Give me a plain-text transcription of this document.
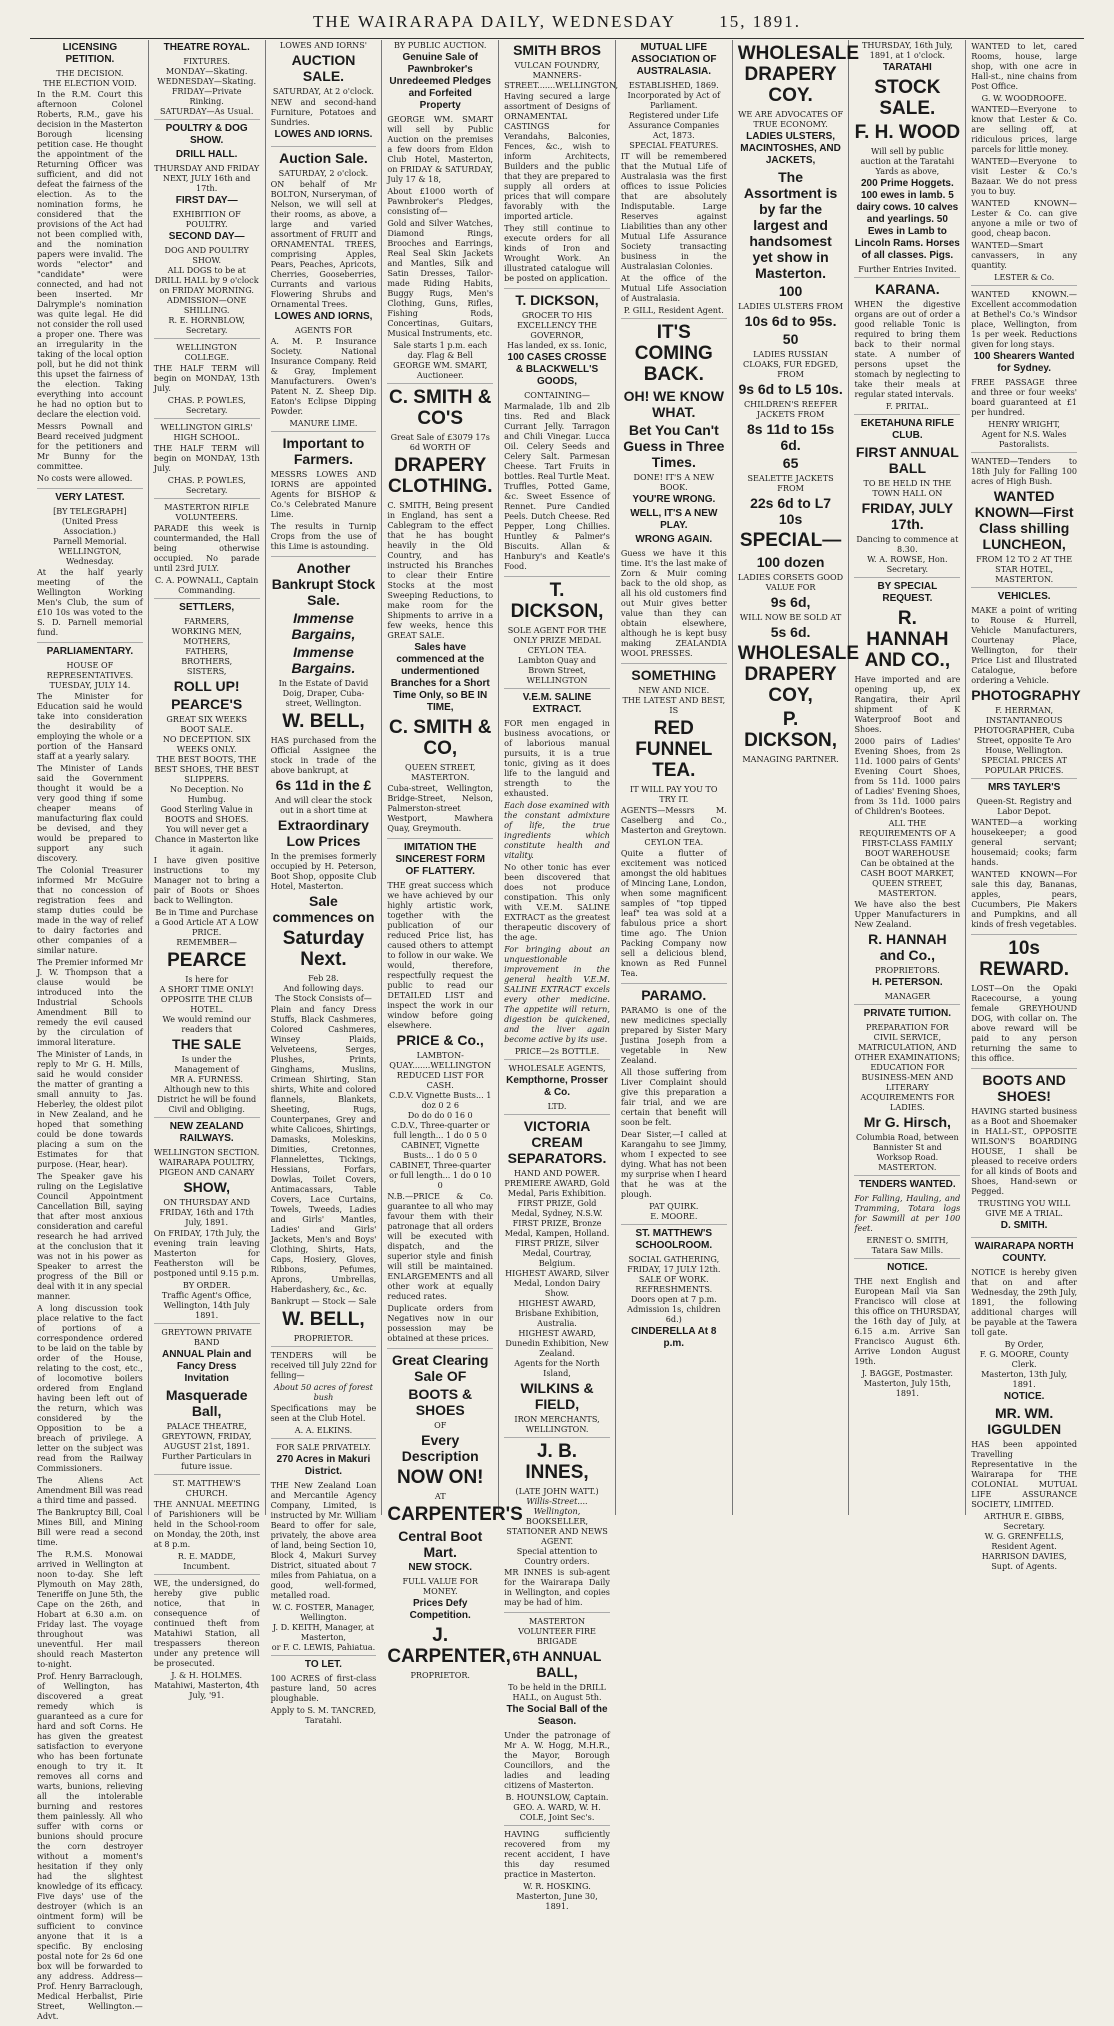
THE WAIRARAPA DAILY, WEDNESDAY	15, 1891.
LICENSING PETITION.
THE DECISION.
THE ELECTION VOID.

In the R.M. Court this afternoon Colonel Roberts, R.M., gave his decision in the Masterton Borough licensing petition case. He thought the appointment of the Returning Officer was sufficient, and did not defeat the fairness of the election. As to the nomination forms, he considered that the provisions of the Act had not been complied with, and the nomination papers were invalid. The words "elector" and "candidate" were connected, and had not been inserted. Mr Dalrymple's nomination was quite legal. He did not consider the roll used a proper one. There was an irregularity in the taking of the local option poll, but he did not think this upset the fairness of the election. Taking everything into account he had no option but to declare the election void.

Messrs Pownall and Beard received judgment for the petitioners and Mr Bunny for the committee.

No costs were allowed.

VERY LATEST.
[BY TELEGRAPH]
(United Press Association.)
Parnell Memorial.
WELLINGTON, Wednesday.

At the half yearly meeting of the Wellington Working Men's Club, the sum of £10 10s was voted to the S. D. Parnell memorial fund.

PARLIAMENTARY.
HOUSE OF REPRESENTATIVES.
TUESDAY, JULY 14.

The Minister for Education said he would take into consideration the desirability of employing the whole or a portion of the Hansard staff at a yearly salary.

The Minister of Lands said the Government thought it would be a very good thing if some cheaper means of manufacturing flax could be devised, and they would be prepared to support any such discovery.

The Colonial Treasurer informed Mr McGuire that no concession of registration fees and stamp duties could be made in the way of relief to dairy factories and other companies of a similar nature.

The Premier informed Mr J. W. Thompson that a clause would be introduced into the Industrial Schools Amendment Bill to remedy the evil caused by the circulation of immoral literature.

The Minister of Lands, in reply to Mr G. H. Mills, said he would consider the matter of granting a small annuity to Jas. Heberley, the oldest pilot in New Zealand, and he hoped that something could be done towards placing a sum on the Estimates for that purpose. (Hear, hear).

The Speaker gave his ruling on the Legislative Council Appointment Cancellation Bill, saying that after most anxious consideration and careful research he had arrived at the conclusion that it was not in his power as Speaker to arrest the progress of the Bill or deal with it in any special manner.

A long discussion took place relative to the fact of portions of a correspondence ordered to be laid on the table by order of the House, relating to the cost, etc., of locomotive boilers ordered from England having been left out of the return, which was considered by the Opposition to be a breach of privilege. A letter on the subject was read from the Railway Commissioners.

The Aliens Act Amendment Bill was read a third time and passed.

The Bankruptcy Bill, Coal Mines Bill, and Mining Bill were read a second time.

The R.M.S. Monowai arrived in Wellington at noon to-day. She left Plymouth on May 28th, Teneriffe on June 5th, the Cape on the 26th, and Hobart at 6.30 a.m. on Friday last. The voyage throughout was uneventful. Her mail should reach Masterton to-night.

Prof. Henry Barraclough, of Wellington, has discovered a great remedy which is guaranteed as a cure for hard and soft Corns. He has given the greatest satisfaction to everyone who has been fortunate enough to try it. It removes all corns and warts, bunions, relieving all the intolerable burning and restores them painlessly. All who suffer with corns or bunions should procure the corn destroyer without a moment's hesitation if they only had the slightest knowledge of its efficacy. Five days' use of the destroyer (which is an ointment form) will be sufficient to convince anyone that it is a specific. By enclosing postal note for 2s 6d one box will be forwarded to any address. Address—Prof. Henry Barraclough, Medical Herbalist, Pirie Street, Wellington.—Advt.

THEATRE ROYAL.
FIXTURES.
MONDAY—Skating.
WEDNESDAY—Skating.
FRIDAY—Private Rinking.
SATURDAY—As Usual.
POULTRY & DOG SHOW.
DRILL HALL.
THURSDAY AND FRIDAY NEXT, JULY 16th and 17th.
FIRST DAY—
EXHIBITION OF POULTRY.
SECOND DAY—
DOG AND POULTRY SHOW.
ALL DOGS to be at DRILL HALL by 9 o'clock on FRIDAY MORNING.
ADMISSION—ONE SHILLING.
R. E. HORNBLOW, Secretary.
WELLINGTON COLLEGE.

THE HALF TERM will begin on MONDAY, 13th July.

CHAS. P. POWLES, Secretary.
WELLINGTON GIRLS' HIGH SCHOOL.

THE HALF TERM will begin on MONDAY, 13th July.

CHAS. P. POWLES, Secretary.
MASTERTON RIFLE VOLUNTEERS.

PARADE this week is countermanded, the Hall being otherwise occupied. No parade until 23rd JULY.

C. A. POWNALL, Captain Commanding.
SETTLERS,
FARMERS,
WORKING MEN,
MOTHERS,
FATHERS,
BROTHERS,
SISTERS,
ROLL UP!
PEARCE'S
GREAT SIX WEEKS BOOT SALE.
NO DECEPTION. SIX WEEKS ONLY.
THE BEST BOOTS, THE BEST SHOES, THE BEST SLIPPERS.
No Deception. No Humbug.
Good Sterling Value in BOOTS and SHOES.
You will never get a Chance in Masterton like it again.

I have given positive instructions to my Manager not to bring a pair of Boots or Shoes back to Wellington.

Be in Time and Purchase a Good Article AT A LOW PRICE.
REMEMBER—
PEARCE
Is here for
A SHORT TIME ONLY!
OPPOSITE THE CLUB HOTEL.
We would remind our readers that
THE SALE
Is under the Management of
MR A. FURNESS.
Although new to this District he will be found Civil and Obliging.
NEW ZEALAND RAILWAYS.
WELLINGTON SECTION.
WAIRARAPA POULTRY, PIGEON AND CANARY
SHOW,
ON THURSDAY AND FRIDAY, 16th and 17th July, 1891.

On FRIDAY, 17th July, the evening train leaving Masterton for Featherston will be postponed until 9.15 p.m.

BY ORDER.
Traffic Agent's Office, Wellington, 14th July 1891.
GREYTOWN PRIVATE BAND
ANNUAL Plain and Fancy Dress Invitation
Masquerade Ball,
PALACE THEATRE, GREYTOWN, FRIDAY, AUGUST 21st, 1891.
Further Particulars in future issue.
ST. MATTHEW'S CHURCH.

THE ANNUAL MEETING of Parishioners will be held in the School-room on Monday, the 20th, inst at 8 p.m.

R. E. MADDE, Incumbent.

WE, the undersigned, do hereby give public notice, that in consequence of continued theft from Matahiwi Station, all trespassers thereon under any pretence will be prosecuted.

J. & H. HOLMES.
Matahiwi, Masterton, 4th July, '91.
LOWES AND IORNS'
AUCTION SALE.
SATURDAY, At 2 o'clock.

NEW and second-hand Furniture, Potatoes and Sundries.

LOWES AND IORNS.
Auction Sale.
SATURDAY, 2 o'clock.

ON behalf of Mr BOLTON, Nurseryman, of Nelson, we will sell at their rooms, as above, a large and varied assortment of FRUIT and ORNAMENTAL TREES, comprising Apples, Pears, Peaches, Apricots, Cherries, Gooseberries, Currants and various Flowering Shrubs and Ornamental Trees.

LOWES AND IORNS,
AGENTS FOR

A. M. P. Insurance Society. National Insurance Company. Reid & Gray, Implement Manufacturers. Owen's Patent N. Z. Sheep Dip. Eaton's Eclipse Dipping Powder.

MANURE LIME.
Important to Farmers.

MESSRS LOWES AND IORNS are appointed Agents for BISHOP & Co.'s Celebrated Manure Lime.

The results in Turnip Crops from the use of this Lime is astounding.

Another Bankrupt Stock Sale.
Immense Bargains,
Immense Bargains.
In the Estate of David Doig, Draper, Cuba-street, Wellington.
W. BELL,

HAS purchased from the Official Assignee the stock in trade of the above bankrupt, at

6s 11d in the £
And will clear the stock out in a short time at
Extraordinary Low Prices

In the premises formerly occupied by H. Peterson, Boot Shop, opposite Club Hotel, Masterton.

Sale commences on
Saturday Next.
Feb 28.
And following days.
The Stock Consists of—

Plain and fancy Dress Stuffs, Black Cashmeres, Colored Cashmeres, Winsey Plaids, Velveteens, Serges, Plushes, Prints, Ginghams, Muslins, Crimean Shirting, Stan shirts, White and colored flannels, Blankets, Sheeting, Rugs, Counterpanes, Grey and white Calicoes, Shirtings, Damasks, Moleskins, Dimities, Cretonnes, Flannelettes, Tickings, Hessians, Forfars, Dowlas, Toilet Covers, Antimacassars, Table Covers, Lace Curtains, Towels, Tweeds, Ladies and Girls' Mantles, Ladies' and Girls' Jackets, Men's and Boys' Clothing, Shirts, Hats, Caps, Hosiery, Gloves, Ribbons, Pefumes, Aprons, Umbrellas, Haberdashery, &c., &c.

Bankrupt — Stock — Sale
W. BELL,
PROPRIETOR.

TENDERS will be received till July 22nd for felling—

About 50 acres of forest bush

Specifications may be seen at the Club Hotel.

A. A. ELKINS.
FOR SALE PRIVATELY.
270 Acres in Makuri District.

THE New Zealand Loan and Mercantile Agency Company, Limited, is instructed by Mr. William Beard to offer for sale, privately, the above area of land, being Section 10, Block 4, Makuri Survey District, situated about 7 miles from Pahiatua, on a good, well-formed, metalled road.

W. C. FOSTER, Manager, Wellington.
J. D. KEITH, Manager, at Masterton,
or F. C. LEWIS, Pahiatua.
TO LET.

100 ACRES of first-class pasture land, 50 acres ploughable.

Apply to S. M. TANCRED, Taratahi.
BY PUBLIC AUCTION.
Genuine Sale of Pawnbroker's Unredeemed Pledges and Forfeited Property

GEORGE WM. SMART will sell by Public Auction on the premises a few doors from Eldon Club Hotel, Masterton, on FRIDAY & SATURDAY, July 17 & 18,

About £1000 worth of Pawnbroker's Pledges, consisting of—

Gold and Silver Watches, Diamond Rings, Brooches and Earrings, Real Seal Skin Jackets and Mantles, Silk and Satin Dresses, Tailor-made Riding Habits, Buggy Rugs, Men's Clothing, Guns, Rifles, Fishing Rods, Concertinas, Guitars, Musical Instruments, etc.

Sale starts 1 p.m. each day. Flag & Bell
GEORGE WM. SMART, Auctioneer.
C. SMITH & CO'S
Great Sale of £3079 17s 6d WORTH OF
DRAPERY CLOTHING.

C. SMITH, Being present in England, has sent a Cablegram to the effect that he has bought heavily in the Old Country, and has instructed his Branches to clear their Entire Stocks at the most Sweeping Reductions, to make room for the Shipments to arrive in a few weeks, hence this GREAT SALE.

Sales have commenced at the undermentioned Branches for a Short Time Only, so BE IN TIME,
C. SMITH & CO,
QUEEN STREET,
MASTERTON.

Cuba-street, Wellington, Bridge-Street, Nelson, Palmerston-street Westport, Mawhera Quay, Greymouth.

IMITATION THE SINCEREST FORM OF FLATTERY.

THE great success which we have achieved by our highly artistic work, together with the publication of our reduced Price list, has caused others to attempt to follow in our wake. We would, therefore, respectfully request the public to read our DETAILED LIST and inspect the work in our window before going elsewhere.

PRICE & Co.,
LAMBTON-QUAY.......WELLINGTON
REDUCED LIST FOR CASH.
C.D.V. Vignette Busts... 1 doz 0 2 6
Do do do 0 16 0
C.D.V., Three-quarter or full length... 1 do 0 5 0
CABINET, Vignette Busts... 1 do 0 5 0
CABINET, Three-quarter or full length... 1 do 0 10 0

N.B.—PRICE & Co. guarantee to all who may favour them with their patronage that all orders will be executed with dispatch, and the superior style and finish will still be maintained. ENLARGEMENTS and all other work at equally reduced rates.

Duplicate orders from Negatives now in our possession may be obtained at these prices.

Great Clearing Sale OF
BOOTS & SHOES
OF
Every Description
NOW ON!
AT
CARPENTER'S
Central Boot Mart.
NEW STOCK.
FULL VALUE FOR MONEY.
Prices Defy Competition.
J. CARPENTER,
PROPRIETOR.
SMITH BROS
VULCAN FOUNDRY,
MANNERS-STREET.......WELLINGTON,

Having secured a large assortment of Designs of ORNAMENTAL CASTINGS for Verandahs, Balconies, Fences, &c., wish to inform Architects, Builders and the public that they are prepared to supply all orders at prices that will compare favorably with the imported article.

They still continue to execute orders for all kinds of Iron and Wrought Work. An illustrated catalogue will be posted on application.

T. DICKSON,
GROCER TO HIS EXCELLENCY THE GOVERNOR,
Has landed, ex ss. Ionic,
100 CASES CROSSE & BLACKWELL'S GOODS,
CONTAINING—

Marmalade, 1lb and 2lb tins. Red and Black Currant Jelly. Tarragon and Chili Vinegar. Lucca Oil. Celery Seeds and Celery Salt. Parmesan Cheese. Tart Fruits in bottles. Real Turtle Meat. Truffles, Potted Game, &c. Sweet Essence of Rennet. Pure Candied Peels. Dutch Cheese. Red Pepper, Long Chillies. Huntley & Palmer's Biscuits. Allan & Hanbury's and Keatle's Food.

T. DICKSON,
SOLE AGENT FOR THE ONLY PRIZE MEDAL CEYLON TEA.
Lambton Quay and Brown Street, WELLINGTON
V.E.M. SALINE EXTRACT.

FOR men engaged in business avocations, or of laborious manual pursuits, it is a true tonic, giving as it does life to the languid and strength to the exhausted.

Each dose examined with the constant admixture of life, the true ingredients which constitute health and vitality.

No other tonic has ever been discovered that does not produce constipation. This only with V.E.M. SALINE EXTRACT as the greatest therapeutic discovery of the age.

For bringing about an unquestionable improvement in the general health V.E.M. SALINE EXTRACT excels every other medicine. The appetite will return, digestion be quickened, and the liver again become active by its use.

PRICE—2s BOTTLE.
WHOLESALE AGENTS,
Kempthorne, Prosser & Co.
LTD.
VICTORIA CREAM SEPARATORS.
HAND AND POWER.
PREMIERE AWARD, Gold Medal, Paris Exhibition.
FIRST PRIZE, Gold Medal, Sydney, N.S.W.
FIRST PRIZE, Bronze Medal, Kampen, Holland.
FIRST PRIZE, Silver Medal, Courtray, Belgium.
HIGHEST AWARD, Silver Medal, London Dairy Show.
HIGHEST AWARD, Brisbane Exhibition, Australia.
HIGHEST AWARD, Dunedin Exhibition, New Zealand.
Agents for the North Island,
WILKINS & FIELD,
IRON MERCHANTS,
WELLINGTON.
J. B. INNES,
(LATE JOHN WATT.)
Willis-Street.... Wellington,
BOOKSELLER, STATIONER AND NEWS AGENT.
Special attention to Country orders.

MR INNES is sub-agent for the Wairarapa Daily in Wellington, and copies may be had of him.

MASTERTON VOLUNTEER FIRE BRIGADE
6TH ANNUAL BALL,
To be held in the DRILL HALL, on August 5th.
The Social Ball of the Season.

Under the patronage of Mr A. W. Hogg, M.H.R., the Mayor, Borough Councillors, and the ladies and leading citizens of Masterton.

B. HOUNSLOW, Captain.
GEO. A. WARD, W. H. COLE, Joint Sec's.

HAVING sufficiently recovered from my recent accident, I have this day resumed practice in Masterton.

W. R. HOSKING.
Masterton, June 30, 1891.
MUTUAL LIFE ASSOCIATION OF AUSTRALASIA.
ESTABLISHED, 1869.
Incorporated by Act of Parliament.
Registered under Life Assurance Companies Act, 1873.
SPECIAL FEATURES.

IT will be remembered that the Mutual Life of Australasia was the first offices to issue Policies that are absolutely Indisputable. Large Reserves against Liabilities than any other Mutual Life Assurance Society transacting business in the Australasian Colonies.

At the office of the Mutual Life Association of Australasia.

P. GILL, Resident Agent.
IT'S COMING BACK.
OH! WE KNOW WHAT.
Bet You Can't Guess in Three Times.
DONE! IT'S A NEW BOOK.
YOU'RE WRONG.
WELL, IT'S A NEW PLAY.
WRONG AGAIN.

Guess we have it this time. It's the last make of Zorn & Muir coming back to the old shop, as all his old customers find out Muir gives better value than they can obtain elsewhere, although he is kept busy making ZEALANDIA WOOL PRESSES.

SOMETHING
NEW AND NICE.
THE LATEST AND BEST,
IS
RED FUNNEL TEA.
IT WILL PAY YOU TO TRY IT.

AGENTS—Messrs M. Caselberg and Co., Masterton and Greytown.

CEYLON TEA.

Quite a flutter of excitement was noticed amongst the old habitues of Mincing Lane, London, when some magnificent samples of "top tipped leaf" tea was sold at a fabulous price a short time ago. The Union Packing Company now sell a delicious blend, known as Red Funnel Tea.

PARAMO.

PARAMO is one of the new medicines specially prepared by Sister Mary Justina Joseph from a vegetable in New Zealand.

All those suffering from Liver Complaint should give this preparation a fair trial, and we are certain that benefit will soon be felt.

Dear Sister,—I called at Karangahu to see Jimmy, whom I expected to see dying. What has not been my surprise when I heard that he was at the plough.

PAT QUIRK.
E. MOORE.
ST. MATTHEW'S SCHOOLROOM.
SOCIAL GATHERING, FRIDAY, 17 JULY 12th.
SALE OF WORK. REFRESHMENTS.
Doors open at 7 p.m. Admission 1s, children 6d.)
CINDERELLA At 8 p.m.
WHOLESALE DRAPERY COY.
WE ARE ADVOCATES OF TRUE ECONOMY.
LADIES ULSTERS, MACINTOSHES, AND JACKETS,
The Assortment is by far the largest and handsomest yet show in Masterton.
100
LADIES ULSTERS FROM
10s 6d to 95s.
50
LADIES RUSSIAN CLOAKS, FUR EDGED, FROM
9s 6d to L5 10s.
CHILDREN'S REEFER JACKETS FROM
8s 11d to 15s 6d.
65
SEALETTE JACKETS FROM
22s 6d to L7 10s
SPECIAL—
100 dozen
LADIES CORSETS GOOD VALUE FOR
9s 6d,
WILL NOW BE SOLD AT
5s 6d.
WHOLESALE DRAPERY COY,
P. DICKSON,
MANAGING PARTNER.
THURSDAY, 16th July, 1891, at 1 o'clock.
TARATAHI
STOCK SALE.
F. H. WOOD
Will sell by public auction at the Taratahi Yards as above,
200 Prime Hoggets. 100 ewes in lamb. 5 dairy cows. 10 calves and yearlings. 50 Ewes in Lamb to Lincoln Rams. Horses of all classes. Pigs.
Further Entries Invited.
KARANA.

WHEN the digestive organs are out of order a good reliable Tonic is required to bring them back to their normal state. A number of persons upset the stomach by neglecting to take their meals at regular stated intervals.

F. PRITAL.
EKETAHUNA RIFLE CLUB.
FIRST ANNUAL BALL
TO BE HELD IN THE TOWN HALL ON
FRIDAY, JULY 17th.
Dancing to commence at 8.30.
W. A. ROWSE, Hon. Secretary.
BY SPECIAL REQUEST.
R. HANNAH AND CO.,

Have imported and are opening up, ex Rangatira, their April shipment of K Waterproof Boot and Shoes.

2000 pairs of Ladies' Evening Shoes, from 2s 11d. 1000 pairs of Gents' Evening Court Shoes, from 5s 11d. 1000 pairs of Ladies' Evening Shoes, from 3s 11d. 1000 pairs of Children's Bootees.

ALL THE REQUIREMENTS OF A FIRST-CLASS FAMILY BOOT WAREHOUSE
Can be obtained at the CASH BOOT MARKET, QUEEN STREET, MASTERTON.

We have also the best Upper Manufacturers in New Zealand.

R. HANNAH and Co.,
PROPRIETORS.
H. PETERSON.
MANAGER
PRIVATE TUITION.
PREPARATION FOR CIVIL SERVICE, MATRICULATION, AND OTHER EXAMINATIONS;
EDUCATION FOR BUSINESS-MEN AND LITERARY ACQUIREMENTS FOR LADIES.
Mr G. Hirsch,
Columbia Road, between Bannister St and Worksop Road.
MASTERTON.
TENDERS WANTED.

For Falling, Hauling, and Tramming, Totara logs for Sawmill at per 100 feet.

ERNEST O. SMITH, Tatara Saw Mills.
NOTICE.

THE next English and European Mail via San Francisco will close at this office on THURSDAY, the 16th day of July, at 6.15 a.m. Arrive San Francisco August 6th. Arrive London August 19th.

J. BAGGE, Postmaster.
Masterton, July 15th, 1891.

WANTED to let, cared Rooms, house, large shop, with one acre in Hall-st., nine chains from Post Office.

G. W. WOODROOFE.

WANTED—Everyone to know that Lester & Co. are selling off, at ridiculous prices, large parcels for little money.

WANTED—Everyone to visit Lester & Co.'s Bazaar. We do not press you to buy.

WANTED KNOWN—Lester & Co. can give anyone a mile or two of good, cheap bacon.

WANTED—Smart canvassers, in any quantity.

LESTER & Co.

WANTED KNOWN.—Excellent accommodation at Bethel's Co.'s Windsor place, Wellington, from 1s per week. Reductions given for long stays.

100 Shearers Wanted for Sydney.

FREE PASSAGE three and three or four weeks' board guaranteed at £1 per hundred.

HENRY WRIGHT,
Agent for N.S. Wales Pastoralists.

WANTED—Tenders to 18th July for Falling 100 acres of High Bush.

WANTED KNOWN—First Class shilling LUNCHEON,
FROM 12 TO 2 AT THE STAR HOTEL, MASTERTON.
VEHICLES.

MAKE a point of writing to Rouse & Hurrell, Vehicle Manufacturers, Courtenay Place, Wellington, for their Price List and Illustrated Catalogue, before ordering a Vehicle.

PHOTOGRAPHY
F. HERRMAN, INSTANTANEOUS PHOTOGRAPHER, Cuba Street, opposite Te Aro House, Wellington.
SPECIAL PRICES AT POPULAR PRICES.
MRS TAYLER'S
Queen-St. Registry and Labor Depot.

WANTED—a working housekeeper; a good general servant; housemaid; cooks; farm hands.

WANTED KNOWN—For sale this day, Bananas, apples, pears, Cucumbers, Pie Makers and Pumpkins, and all kinds of fresh vegetables.

10s REWARD.

LOST—On the Opaki Racecourse, a young female GREYHOUND DOG, with collar on. The above reward will be paid to any person returning the same to this office.

BOOTS AND SHOES!

HAVING started business as a Boot and Shoemaker in HALL-ST., OPPOSITE WILSON'S BOARDING HOUSE, I shall be pleased to receive orders for all kinds of Boots and Shoes, Hand-sewn or Pegged.

TRUSTING YOU WILL GIVE ME A TRIAL.
D. SMITH.
WAIRARAPA NORTH COUNTY.

NOTICE is hereby given that on and after Wednesday, the 29th July, 1891, the following additional charges will be payable at the Tawera toll gate.

By Order,
F. G. MOORE, County Clerk.
Masterton, 13th July, 1891.
NOTICE.
MR. WM. IGGULDEN

HAS been appointed Travelling Representative in the Wairarapa for THE COLONIAL MUTUAL LIFE ASSURANCE SOCIETY, LIMITED.

ARTHUR E. GIBBS, Secretary.
W. G. GRENFELLS, Resident Agent.
HARRISON DAVIES, Supt. of Agents.
